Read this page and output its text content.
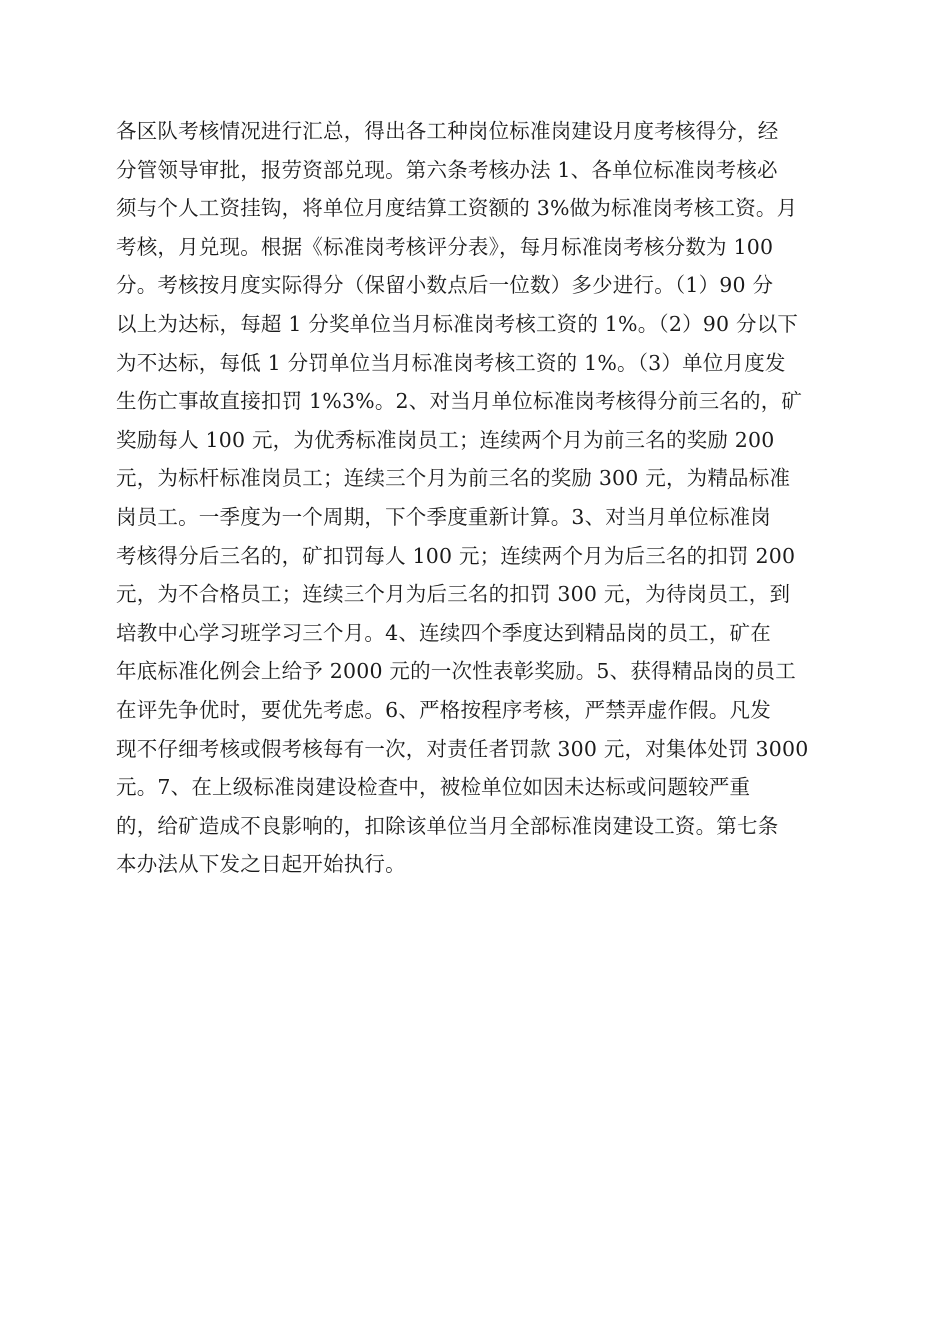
各区队考核情况进行汇总，得出各工种岗位标准岗建设月度考核得分，经
分管领导审批，报劳资部兑现。第六条考核办法 1、各单位标准岗考核必
须与个人工资挂钩，将单位月度结算工资额的 3%做为标准岗考核工资。月
考核，月兑现。根据《标准岗考核评分表》，每月标准岗考核分数为 100
分。考核按月度实际得分（保留小数点后一位数）多少进行。（1）90 分
以上为达标，每超 1 分奖单位当月标准岗考核工资的 1%。（2）90 分以下
为不达标，每低 1 分罚单位当月标准岗考核工资的 1%。（3）单位月度发
生伤亡事故直接扣罚 1%3%。2、对当月单位标准岗考核得分前三名的，矿
奖励每人 100 元，为优秀标准岗员工；连续两个月为前三名的奖励 200
元，为标杆标准岗员工；连续三个月为前三名的奖励 300 元，为精品标准
岗员工。一季度为一个周期，下个季度重新计算。3、对当月单位标准岗
考核得分后三名的，矿扣罚每人 100 元；连续两个月为后三名的扣罚 200
元，为不合格员工；连续三个月为后三名的扣罚 300 元，为待岗员工，到
培教中心学习班学习三个月。4、连续四个季度达到精品岗的员工，矿在
年底标准化例会上给予 2000 元的一次性表彰奖励。5、获得精品岗的员工
在评先争优时，要优先考虑。6、严格按程序考核，严禁弄虚作假。凡发
现不仔细考核或假考核每有一次，对责任者罚款 300 元，对集体处罚 3000
元。7、在上级标准岗建设检查中，被检单位如因未达标或问题较严重
的，给矿造成不良影响的，扣除该单位当月全部标准岗建设工资。第七条
本办法从下发之日起开始执行。
